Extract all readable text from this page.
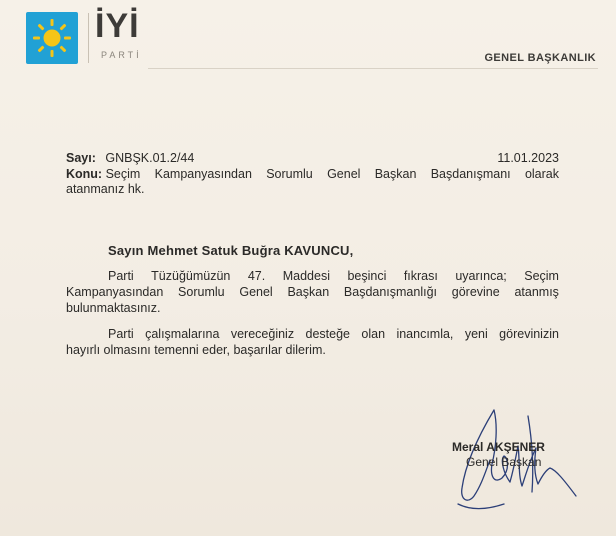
İYİ
PARTİ	GENEL BAŞKANLIK
Sayı: GNBŞK.01.2/44	11.01.2023
Konu: Seçim Kampanyasından Sorumlu Genel Başkan Başdanışmanı olarak
atanmanız hk.
Sayın Mehmet Satuk Buğra KAVUNCU,
Parti Tüzüğümüzün 47. Maddesi beşinci fıkrası uyarınca; Seçim
Kampanyasından Sorumlu Genel Başkan Başdanışmanlığı görevine atanmış
bulunmaktasınız.
Parti çalışmalarına vereceğiniz desteğe olan inancımla, yeni görevinizin
hayırlı olmasını temenni eder, başarılar dilerim.
Meral AKŞENER
Genel Başkan
